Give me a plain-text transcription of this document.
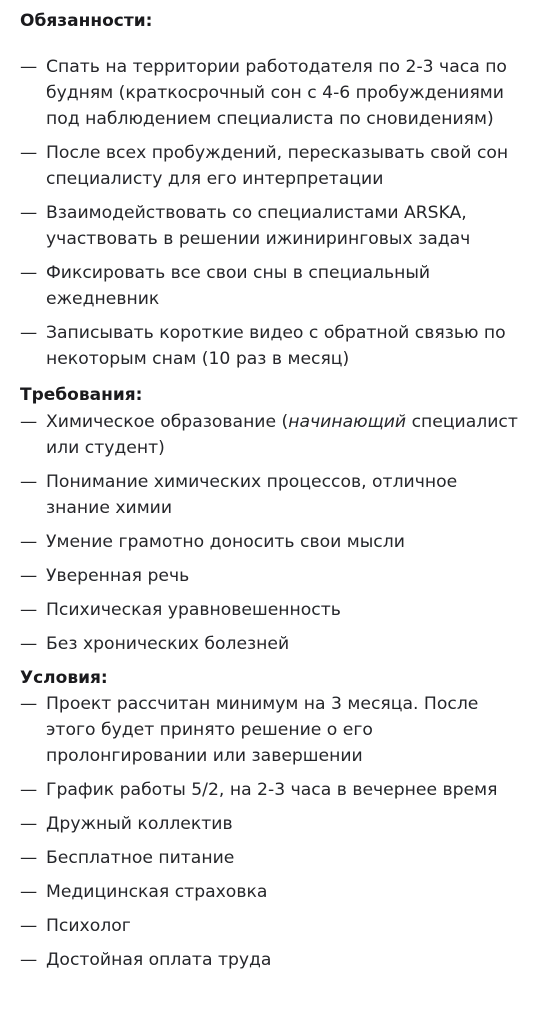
Обязанности:
— Спать на территории работодателя по 2-3 часа по будням (краткосрочный сон с 4-6 пробуждениями под наблюдением специалиста по сновидениям)
— После всех пробуждений, пересказывать свой сон специалисту для его интерпретации
— Взаимодействовать со специалистами ARSKA, участвовать в решении ижиниринговых задач
— Фиксировать все свои сны в специальный ежедневник
— Записывать короткие видео с обратной связью по некоторым снам (10 раз в месяц)
Требования:
— Химическое образование (начинающий специалист или студент)
— Понимание химических процессов, отличное знание химии
— Умение грамотно доносить свои мысли
— Уверенная речь
— Психическая уравновешенность
— Без хронических болезней
Условия:
— Проект рассчитан минимум на 3 месяца. После этого будет принято решение о его пролонгировании или завершении
— График работы 5/2, на 2-3 часа в вечернее время
— Дружный коллектив
— Бесплатное питание
— Медицинская страховка
— Психолог
— Достойная оплата труда
